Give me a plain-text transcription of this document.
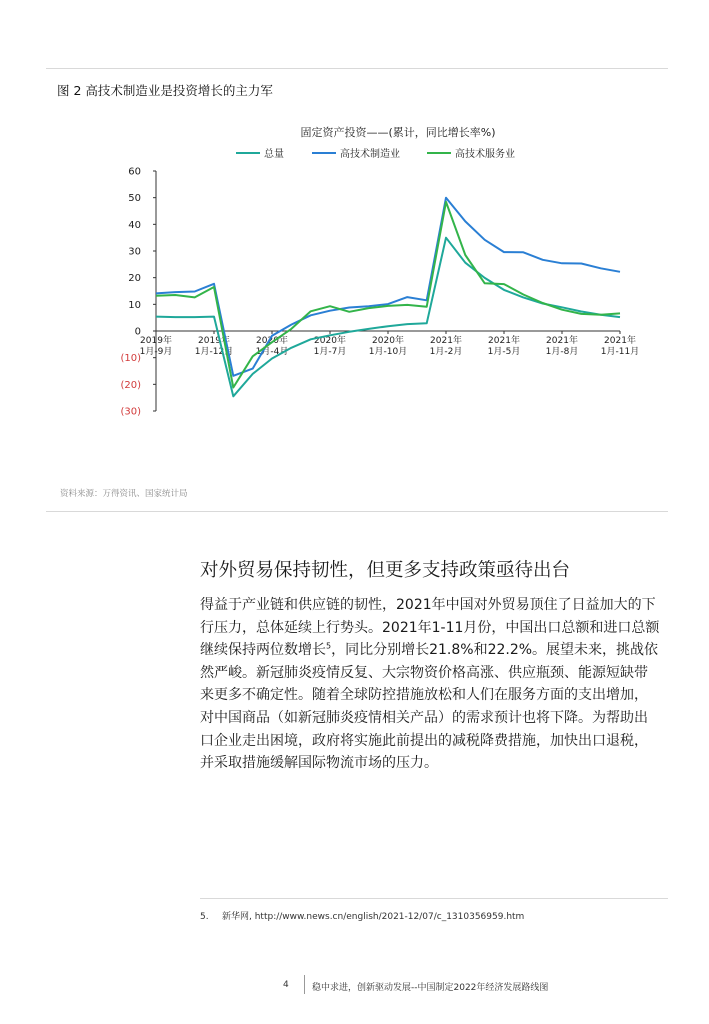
图 2 高技术制造业是投资增长的主力军
固定资产投资——(累计，同比增长率%)
总量	高技术制造业	高技术服务业
60
50
40
30
20
10
0
(10)
(20)
(30)
2019年
1月-9月
2019年
1月-12月
2020年
1月-4月
2020年
1月-7月
2020年
1月-10月
2021年
1月-2月
2021年
1月-5月
2021年
1月-8月
2021年
1月-11月
资料来源：万得资讯、国家统计局
对外贸易保持韧性，但更多支持政策亟待出台
得益于产业链和供应链的韧性，2021年中国对外贸易顶住了日益加大的下行压力，总体延续上行势头。2021年1-11月份，中国出口总额和进口总额继续保持两位数增长$^5$，同比分别增长21.8%和22.2%。展望未来，挑战依然严峻。新冠肺炎疫情反复、大宗物资价格高涨、供应瓶颈、能源短缺带来更多不确定性。随着全球防控措施放松和人们在服务方面的支出增加，对中国商品（如新冠肺炎疫情相关产品）的需求预计也将下降。为帮助出口企业走出困境，政府将实施此前提出的减税降费措施，加快出口退税，并采取措施缓解国际物流市场的压力。
5. 新华网, http://www.news.cn/english/2021-12/07/c_1310356959.htm
4	稳中求进，创新驱动发展--中国制定2022年经济发展路线图
